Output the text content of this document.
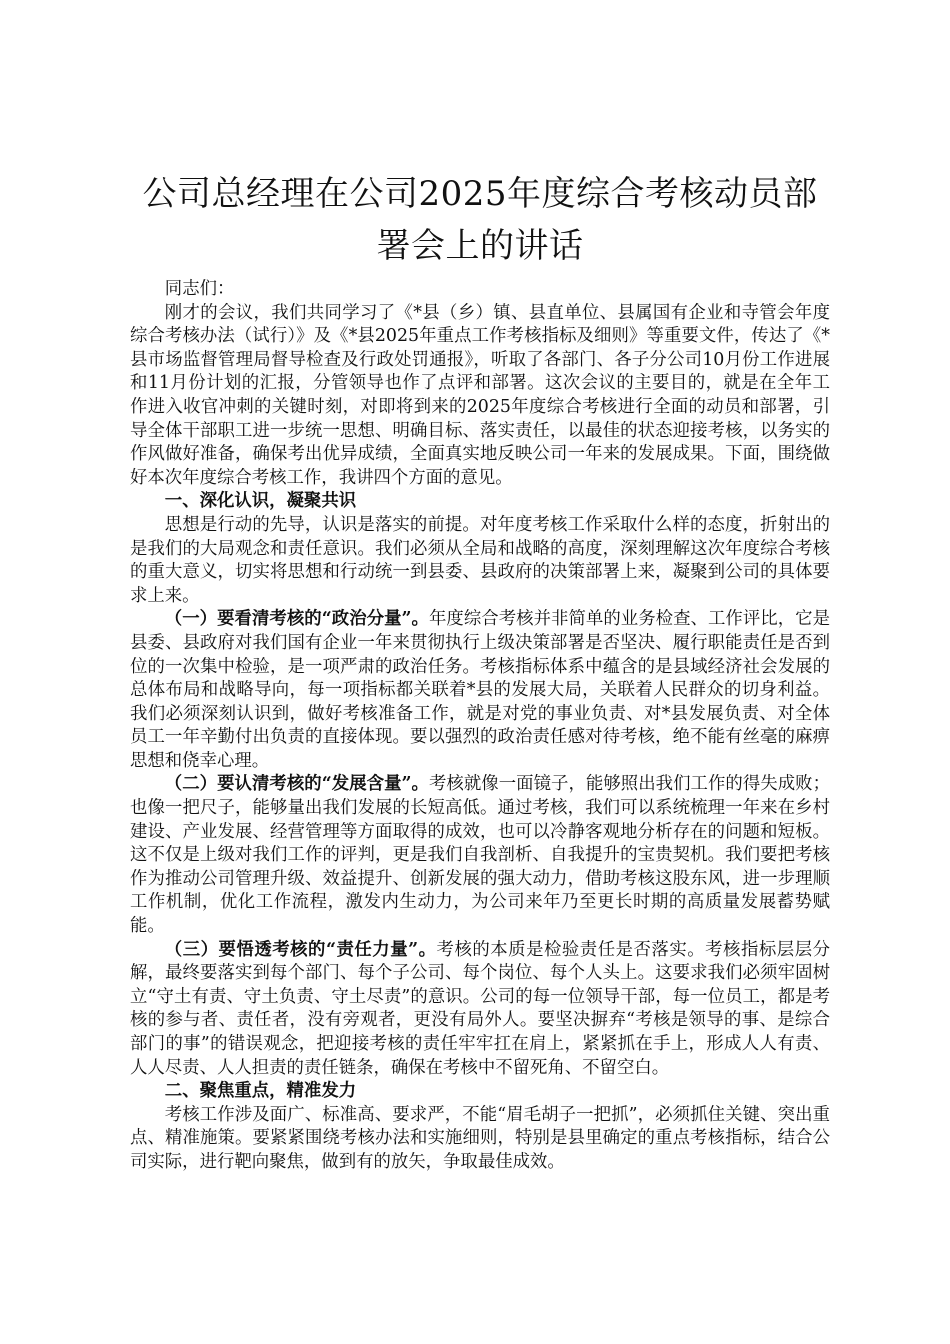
公司总经理在公司2025年度综合考核动员部署会上的讲话

同志们：

刚才的会议，我们共同学习了《*县（乡）镇、县直单位、县属国有企业和寺管会年度综合考核办法（试行）》及《*县2025年重点工作考核指标及细则》等重要文件，传达了《*县市场监督管理局督导检查及行政处罚通报》，听取了各部门、各子分公司10月份工作进展和11月份计划的汇报，分管领导也作了点评和部署。这次会议的主要目的，就是在全年工作进入收官冲刺的关键时刻，对即将到来的2025年度综合考核进行全面的动员和部署，引导全体干部职工进一步统一思想、明确目标、落实责任，以最佳的状态迎接考核，以务实的作风做好准备，确保考出优异成绩，全面真实地反映公司一年来的发展成果。下面，围绕做好本次年度综合考核工作，我讲四个方面的意见。

一、深化认识，凝聚共识

思想是行动的先导，认识是落实的前提。对年度考核工作采取什么样的态度，折射出的是我们的大局观念和责任意识。我们必须从全局和战略的高度，深刻理解这次年度综合考核的重大意义，切实将思想和行动统一到县委、县政府的决策部署上来，凝聚到公司的具体要求上来。

（一）要看清考核的“政治分量”。年度综合考核并非简单的业务检查、工作评比，它是县委、县政府对我们国有企业一年来贯彻执行上级决策部署是否坚决、履行职能责任是否到位的一次集中检验，是一项严肃的政治任务。考核指标体系中蕴含的是县域经济社会发展的总体布局和战略导向，每一项指标都关联着*县的发展大局，关联着人民群众的切身利益。我们必须深刻认识到，做好考核准备工作，就是对党的事业负责、对*县发展负责、对全体员工一年辛勤付出负责的直接体现。要以强烈的政治责任感对待考核，绝不能有丝毫的麻痹思想和侥幸心理。

（二）要认清考核的“发展含量”。考核就像一面镜子，能够照出我们工作的得失成败；也像一把尺子，能够量出我们发展的长短高低。通过考核，我们可以系统梳理一年来在乡村建设、产业发展、经营管理等方面取得的成效，也可以冷静客观地分析存在的问题和短板。这不仅是上级对我们工作的评判，更是我们自我剖析、自我提升的宝贵契机。我们要把考核作为推动公司管理升级、效益提升、创新发展的强大动力，借助考核这股东风，进一步理顺工作机制，优化工作流程，激发内生动力，为公司来年乃至更长时期的高质量发展蓄势赋能。

（三）要悟透考核的“责任力量”。考核的本质是检验责任是否落实。考核指标层层分解，最终要落实到每个部门、每个子公司、每个岗位、每个人头上。这要求我们必须牢固树立“守土有责、守土负责、守土尽责”的意识。公司的每一位领导干部，每一位员工，都是考核的参与者、责任者，没有旁观者，更没有局外人。要坚决摒弃“考核是领导的事、是综合部门的事”的错误观念，把迎接考核的责任牢牢扛在肩上，紧紧抓在手上，形成人人有责、人人尽责、人人担责的责任链条，确保在考核中不留死角、不留空白。

二、聚焦重点，精准发力

考核工作涉及面广、标准高、要求严，不能“眉毛胡子一把抓”，必须抓住关键、突出重点、精准施策。要紧紧围绕考核办法和实施细则，特别是县里确定的重点考核指标，结合公司实际，进行靶向聚焦，做到有的放矢，争取最佳成效。
